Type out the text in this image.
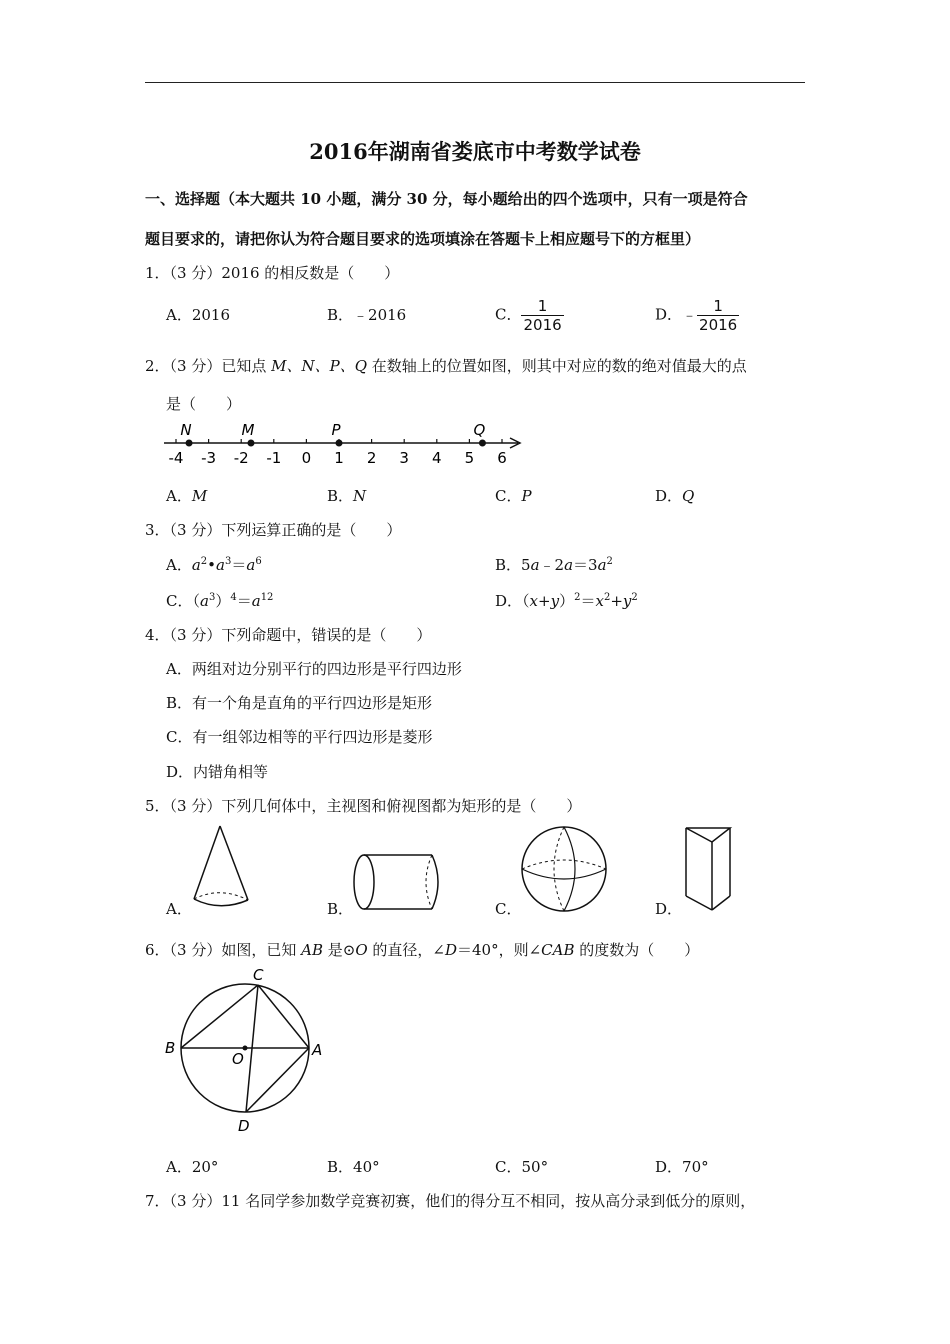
2016年湖南省娄底市中考数学试卷
一、选择题（本大题共 10 小题，满分 30 分，每小题给出的四个选项中，只有一项是符合
题目要求的，请把你认为符合题目要求的选项填涂在答题卡上相应题号下的方框里）
1．（3 分）2016 的相反数是（　　）
A．2016	B．﹣2016	C． $\frac{1}{2016}$	D．﹣ $\frac{1}{2016}$
2．（3 分）已知点 M、N、P、Q 在数轴上的位置如图，则其中对应的数的绝对值最大的点
是（　　）
-4 -3 -2 -1 0 1 2 3 4 5 6
N	M	P	Q
A．M	B．N	C．P	D．Q
3．（3 分）下列运算正确的是（　　）
A．$a^2•a^3=a^6$	B．$5a﹣2a=3a^2$
C．$(a^3)^4=a^{12}$	D．$(x+y)^2=x^2+y^2$
4．（3 分）下列命题中，错误的是（　　）
A．两组对边分别平行的四边形是平行四边形
B．有一个角是直角的平行四边形是矩形
C．有一组邻边相等的平行四边形是菱形
D．内错角相等
5．（3 分）下列几何体中，主视图和俯视图都为矩形的是（　　）
A．	B．	C．	D．
6．（3 分）如图，已知 AB 是⊙O 的直径，∠D＝40°，则∠CAB 的度数为（　　）
C
B
O	A
D
A．20°	B．40°	C．50°	D．70°
7．（3 分）11 名同学参加数学竞赛初赛，他们的得分互不相同，按从高分录到低分的原则，
